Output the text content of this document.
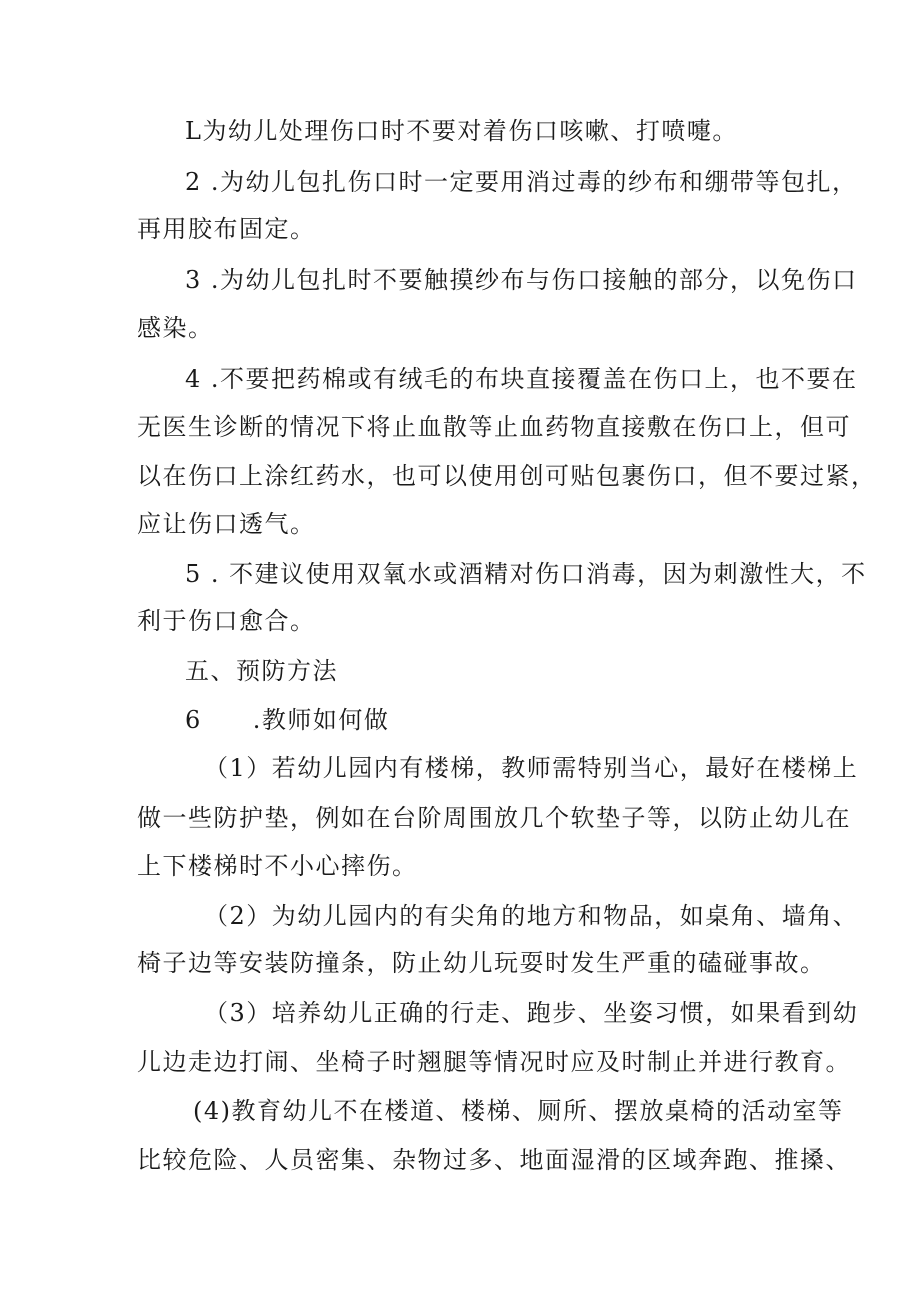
L为幼儿处理伤口时不要对着伤口咳嗽、打喷嚏。
2 .为幼儿包扎伤口时一定要用消过毒的纱布和绷带等包扎，
再用胶布固定。
3 .为幼儿包扎时不要触摸纱布与伤口接触的部分，以免伤口
感染。
4 .不要把药棉或有绒毛的布块直接覆盖在伤口上，也不要在
无医生诊断的情况下将止血散等止血药物直接敷在伤口上，但可
以在伤口上涂红药水，也可以使用创可贴包裹伤口，但不要过紧，
应让伤口透气。
5 . 不建议使用双氧水或酒精对伤口消毒，因为刺激性大，不
利于伤口愈合。
五、预防方法
6　　.教师如何做
（1）若幼儿园内有楼梯，教师需特别当心，最好在楼梯上
做一些防护垫，例如在台阶周围放几个软垫子等，以防止幼儿在
上下楼梯时不小心摔伤。
（2）为幼儿园内的有尖角的地方和物品，如桌角、墙角、
椅子边等安装防撞条，防止幼儿玩耍时发生严重的磕碰事故。
（3）培养幼儿正确的行走、跑步、坐姿习惯，如果看到幼
儿边走边打闹、坐椅子时翘腿等情况时应及时制止并进行教育。
(4)教育幼儿不在楼道、楼梯、厕所、摆放桌椅的活动室等
比较危险、人员密集、杂物过多、地面湿滑的区域奔跑、推搡、
